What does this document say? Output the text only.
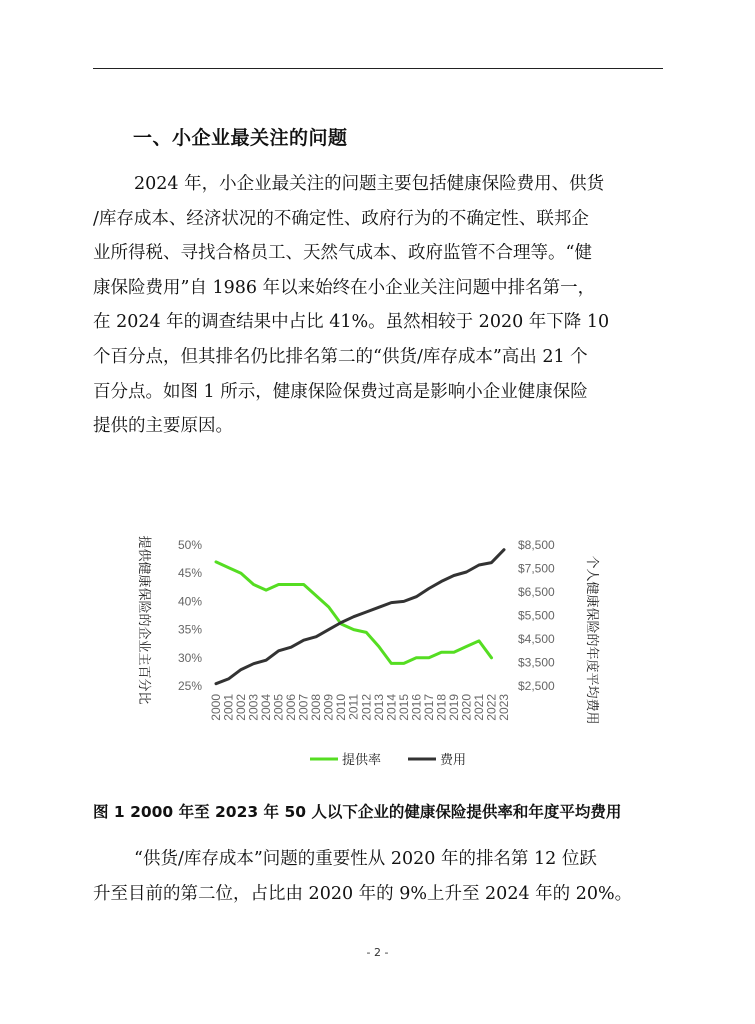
一、小企业最关注的问题

2024 年，小企业最关注的问题主要包括健康保险费用、供货

/库存成本、经济状况的不确定性、政府行为的不确定性、联邦企

业所得税、寻找合格员工、天然气成本、政府监管不合理等。“健

康保险费用”自 1986 年以来始终在小企业关注问题中排名第一，

在 2024 年的调查结果中占比 41%。虽然相较于 2020 年下降 10

个百分点，但其排名仍比排名第二的“供货/库存成本”高出 21 个

百分点。如图 1 所示，健康保险保费过高是影响小企业健康保险

提供的主要原因。

提供健康保险的企业主百分比	个人健康保险的年度平均费用
50%
45%
40%
35%
30%
25%
$8,500
$7,500
$6,500
$5,500
$4,500
$3,500
$2,500
2000
2001
2002
2003
2004
2005
2006
2007
2008
2009
2010
2011
2012
2013
2014
2015
2016
2017
2018
2019
2020
2021
2022
2023
提供率	费用
图 1 2000 年至 2023 年 50 人以下企业的健康保险提供率和年度平均费用

“供货/库存成本”问题的重要性从 2020 年的排名第 12 位跃

升至目前的第二位，占比由 2020 年的 9%上升至 2024 年的 20%。

- 2 -
